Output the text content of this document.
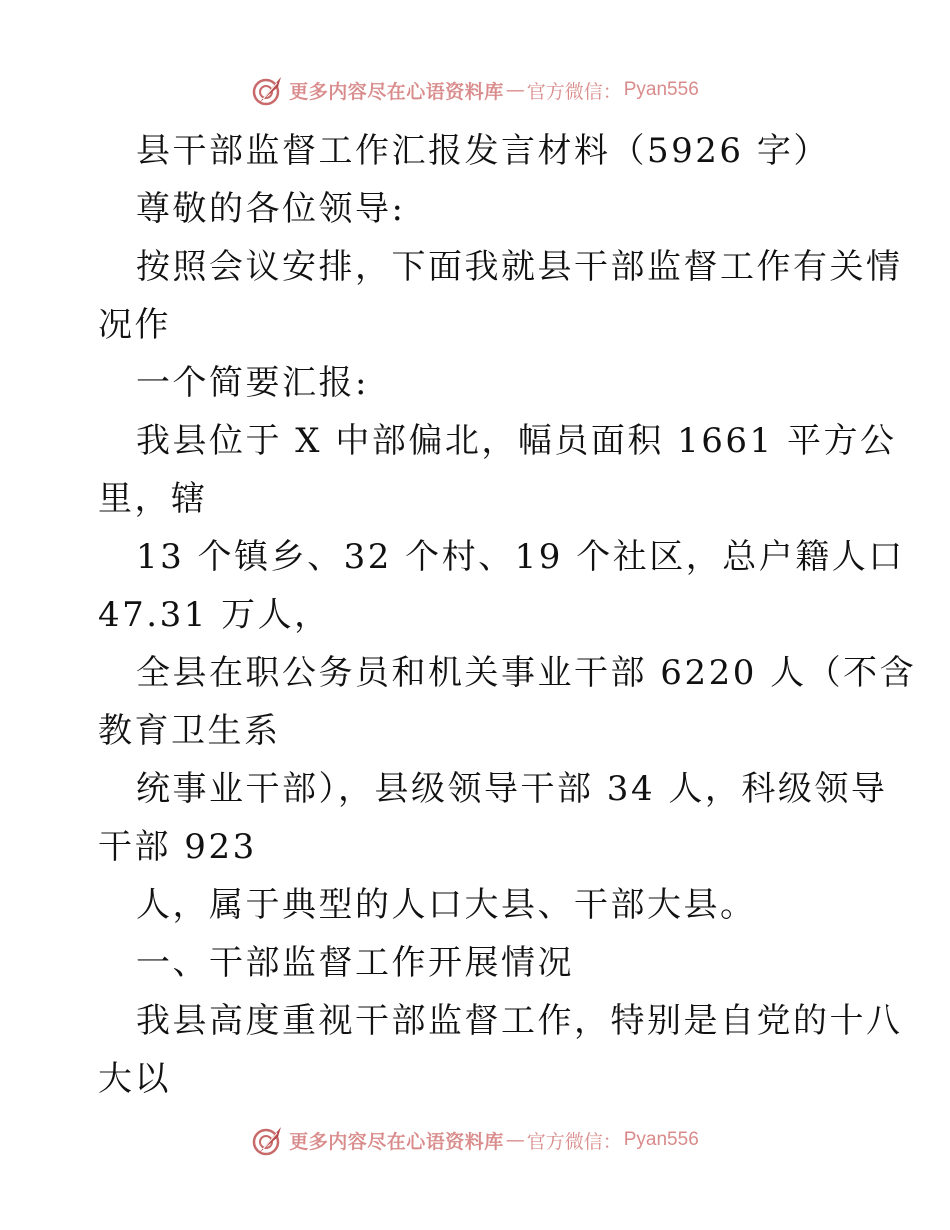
更多内容尽在心语资料库 — 官方微信： Pyan556
县干部监督工作汇报发言材料（5926 字）
尊敬的各位领导:
按照会议安排，下面我就县干部监督工作有关情
况作
一个简要汇报:
我县位于 X 中部偏北，幅员面积 1661 平方公
里，辖
13 个镇乡、32 个村、19 个社区，总户籍人口
47.31 万人，
全县在职公务员和机关事业干部 6220 人（不含
教育卫生系
统事业干部），县级领导干部 34 人，科级领导
干部 923
人，属于典型的人口大县、干部大县。
一、干部监督工作开展情况
我县高度重视干部监督工作，特别是自党的十八
大以
更多内容尽在心语资料库 — 官方微信： Pyan556
